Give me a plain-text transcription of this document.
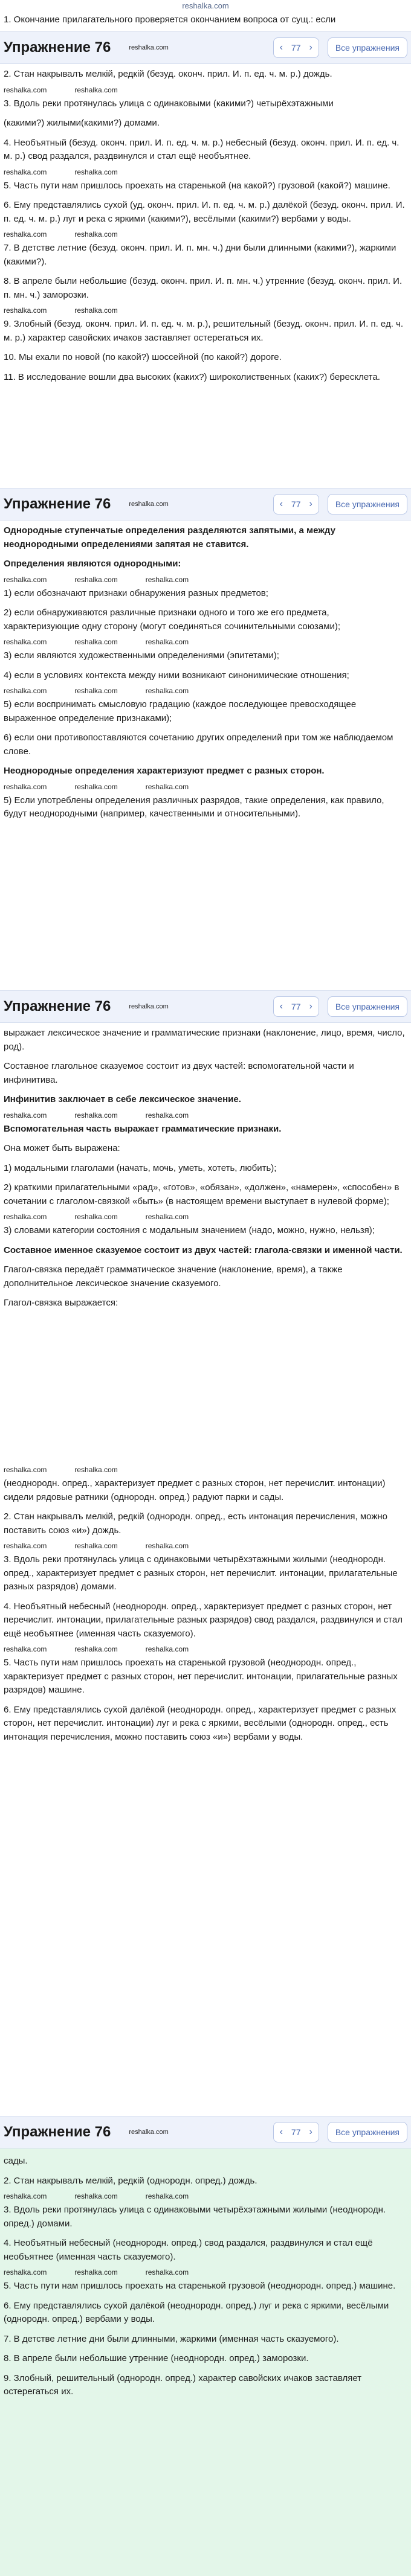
reshalka.com

1. Окончание прилагательного проверяется окончанием вопроса от сущ.: если

Упражнение 76	reshalka.com	‹ 77 ›	Все упражнения

2. Стан накрывалъ мелкiй, редкiй (безуд. оконч. прил. И. п. ед. ч. м. р.) дождь.

reshalka.com	reshalka.com

3. Вдоль реки протянулась улица с одинаковыми (какими?) четырёхэтажными

(какими?) жилыми(какими?) домами.

4. Необъятный (безуд. оконч. прил. И. п. ед. ч. м. р.) небесный (безуд. оконч. прил. И. п. ед. ч. м. р.) свод раздался, раздвинулся и стал ещё необъятнее.

reshalka.com	reshalka.com

5. Часть пути нам пришлось проехать на старенькой (на какой?) грузовой (какой?) машине.

6. Ему представлялись сухой (уд. оконч. прил. И. п. ед. ч. м. р.) далёкой (безуд. оконч. прил. И. п. ед. ч. м. р.) луг и река с яркими (какими?), весёлыми (какими?) вербами у воды.

reshalka.com	reshalka.com

7. В детстве летние (безуд. оконч. прил. И. п. мн. ч.) дни были длинными (какими?), жаркими (какими?).

8. В апреле были небольшие (безуд. оконч. прил. И. п. мн. ч.) утренние (безуд. оконч. прил. И. п. мн. ч.) заморозки.

reshalka.com	reshalka.com

9. Злобный (безуд. оконч. прил. И. п. ед. ч. м. р.), решительный (безуд. оконч. прил. И. п. ед. ч. м. р.) характер савойских ичаков заставляет остерегаться их.

10. Мы ехали по новой (по какой?) шоссейной (по какой?) дороге.

11. В исследование вошли два высоких (каких?) широколиственных (каких?) бересклета.

Упражнение 76	reshalka.com	‹ 77 ›	Все упражнения

Однородные ступенчатые определения разделяются запятыми, а между неоднородными определениями запятая не ставится.

Определения являются однородными:

reshalka.com	reshalka.com	reshalka.com

1) если обозначают признаки обнаружения разных предметов;

2) если обнаруживаются различные признаки одного и того же его предмета, характеризующие одну сторону (могут соединяться сочинительными союзами);

reshalka.com	reshalka.com	reshalka.com

3) если являются художественными определениями (эпитетами);

4) если в условиях контекста между ними возникают синонимические отношения;

reshalka.com	reshalka.com	reshalka.com

5) если воспринимать смысловую градацию (каждое последующее превосходящее выраженное определение признаками);

6) если они противопоставляются сочетанию других определений при том же наблюдаемом слове.

Неоднородные определения характеризуют предмет с разных сторон.

reshalka.com	reshalka.com	reshalka.com

5) Если употреблены определения различных разрядов, такие определения, как правило, будут неоднородными (например, качественными и относительными).

Упражнение 76	reshalka.com	‹ 77 ›	Все упражнения

выражает лексическое значение и грамматические признаки (наклонение, лицо, время, число, род).

Составное глагольное сказуемое состоит из двух частей: вспомогательной части и инфинитива.

Инфинитив заключает в себе лексическое значение.

reshalka.com	reshalka.com	reshalka.com

Вспомогательная часть выражает грамматические признаки.

Она может быть выражена:

1) модальными глаголами (начать, мочь, уметь, хотеть, любить);

2) краткими прилагательными «рад», «готов», «обязан», «должен», «намерен», «способен» в сочетании с глаголом-связкой «быть» (в настоящем времени выступает в нулевой форме);

reshalka.com	reshalka.com	reshalka.com

3) словами категории состояния с модальным значением (надо, можно, нужно, нельзя);

Составное именное сказуемое состоит из двух частей: глагола-связки и именной части.

Глагол-связка передаёт грамматическое значение (наклонение, время), а также дополнительное лексическое значение сказуемого.

Глагол-связка выражается:

reshalka.com	reshalka.com

(неоднородн. опред., характеризует предмет с разных сторон, нет перечислит. интонации) сидели рядовые ратники (однородн. опред.) радуют парки и сады.

2. Стан накрывалъ мелкiй, редкiй (однородн. опред., есть интонация перечисления, можно поставить союз «и») дождь.

reshalka.com	reshalka.com	reshalka.com

3. Вдоль реки протянулась улица с одинаковыми четырёхэтажными жилыми (неоднородн. опред., характеризует предмет с разных сторон, нет перечислит. интонации, прилагательные разных разрядов) домами.

4. Необъятный небесный (неоднородн. опред., характеризует предмет с разных сторон, нет перечислит. интонации, прилагательные разных разрядов) свод раздался, раздвинулся и стал ещё необъятнее (именная часть сказуемого).

reshalka.com	reshalka.com	reshalka.com

5. Часть пути нам пришлось проехать на старенькой грузовой (неоднородн. опред., характеризует предмет с разных сторон, нет перечислит. интонации, прилагательные разных разрядов) машине.

6. Ему представлялись сухой далёкой (неоднородн. опред., характеризует предмет с разных сторон, нет перечислит. интонации) луг и река с яркими, весёлыми (однородн. опред., есть интонация перечисления, можно поставить союз «и») вербами у воды.

Упражнение 76	reshalka.com	‹ 77 ›	Все упражнения

сады.

2. Стан накрывалъ мелкiй, редкiй (однородн. опред.) дождь.

reshalka.com	reshalka.com	reshalka.com

3. Вдоль реки протянулась улица с одинаковыми четырёхэтажными жилыми (неоднородн. опред.) домами.

4. Необъятный небесный (неоднородн. опред.) свод раздался, раздвинулся и стал ещё необъятнее (именная часть сказуемого).

reshalka.com	reshalka.com	reshalka.com

5. Часть пути нам пришлось проехать на старенькой грузовой (неоднородн. опред.) машине.

6. Ему представлялись сухой далёкой (неоднородн. опред.) луг и река с яркими, весёлыми (однородн. опред.) вербами у воды.

7. В детстве летние дни были длинными, жаркими (именная часть сказуемого).

8. В апреле были небольшие утренние (неоднородн. опред.) заморозки.

9. Злобный, решительный (однородн. опред.) характер савойских ичаков заставляет остерегаться их.
